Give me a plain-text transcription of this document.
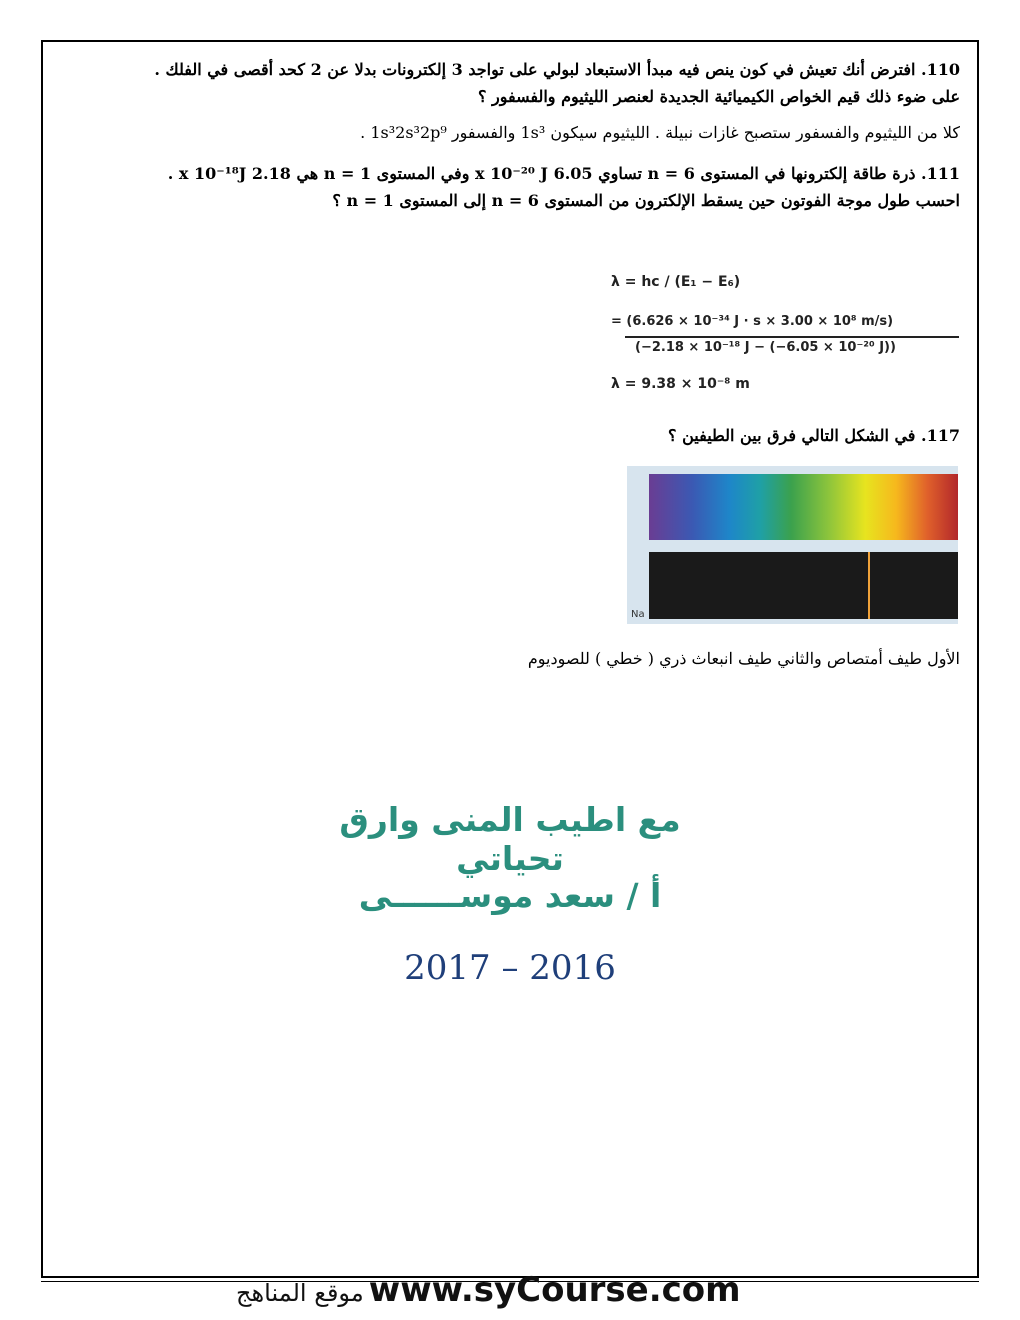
110. افترض أنك تعيش في كون ينص فيه مبدأ الاستبعاد لبولي على تواجد 3 إلكترونات بدلا عن 2 كحد أقصى في الفلك .

على ضوء ذلك قيم الخواص الكيميائية الجديدة لعنصر الليثيوم والفسفور ؟

كلا من الليثيوم والفسفور ستصبح غازات نبيلة . الليثيوم سيكون 1s³ والفسفور 1s³2s³2p⁹ .

111. ذرة طاقة إلكترونها في المستوى n = 6 تساوي 6.05 x 10⁻²⁰ J وفي المستوى n = 1 هي 2.18 x 10⁻¹⁸J .

احسب طول موجة الفوتون حين يسقط الإلكترون من المستوى n = 6 إلى المستوى n = 1 ؟

λ = hc / (E₁ − E₆)
= (6.626 × 10⁻³⁴ J · s × 3.00 × 10⁸ m/s)
(−2.18 × 10⁻¹⁸ J − (−6.05 × 10⁻²⁰ J))
λ = 9.38 × 10⁻⁸ m

117. في الشكل التالي فرق بين الطيفين ؟

Na

الأول طيف أمتصاص والثاني طيف انبعاث ذري ( خطي ) للصوديوم

مع اطيب المنى وارق تحياتي
أ / سعد موســــــى
2017 – 2016
موقع المناهج www.syCourse.com
